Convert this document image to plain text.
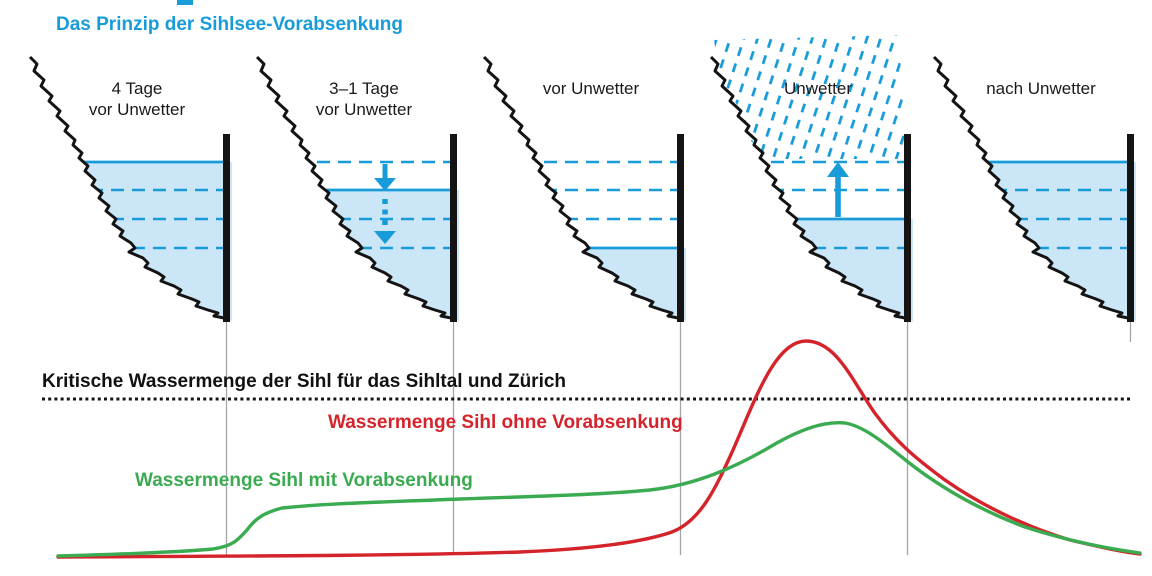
Das Prinzip der Sihlsee-Vorabsenkung
4 Tage
vor Unwetter
3–1 Tage
vor Unwetter
vor Unwetter	Unwetter	nach Unwetter
Kritische Wassermenge der Sihl für das Sihltal und Zürich
Wassermenge Sihl ohne Vorabsenkung
Wassermenge Sihl mit Vorabsenkung
